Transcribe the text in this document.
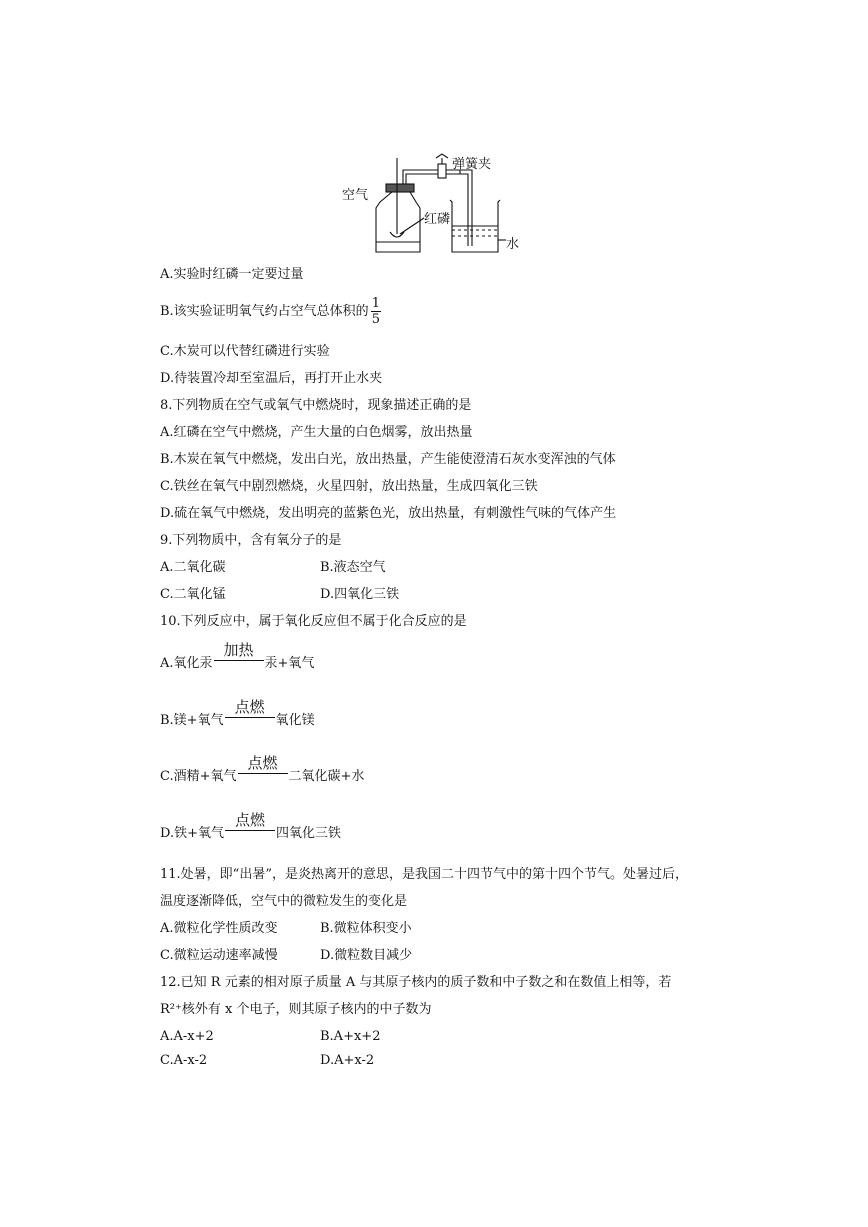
空气
弹簧夹
红磷
水
A.实验时红磷一定要过量
B.该实验证明氧气约占空气总体积的 $\frac{1}{5}$
C.木炭可以代替红磷进行实验
D.待装置冷却至室温后，再打开止水夹
8.下列物质在空气或氧气中燃烧时，现象描述正确的是
A.红磷在空气中燃烧，产生大量的白色烟雾，放出热量
B.木炭在氧气中燃烧，发出白光，放出热量，产生能使澄清石灰水变浑浊的气体
C.铁丝在氧气中剧烈燃烧，火星四射，放出热量，生成四氧化三铁
D.硫在氧气中燃烧，发出明亮的蓝紫色光，放出热量，有刺激性气味的气体产生
9.下列物质中，含有氧分子的是
A.二氧化碳	B.液态空气
C.二氧化锰	D.四氧化三铁
10.下列反应中，属于氧化反应但不属于化合反应的是
A.氧化汞
加热
汞+氧气
B.镁+氧气
点燃
氧化镁
C.酒精+氧气
点燃
二氧化碳+水
D.铁+氧气
点燃
四氧化三铁
11.处暑，即“出暑”，是炎热离开的意思，是我国二十四节气中的第十四个节气。处暑过后，
温度逐渐降低，空气中的微粒发生的变化是
A.微粒化学性质改变	B.微粒体积变小
C.微粒运动速率减慢	D.微粒数目减少
12.已知 R 元素的相对原子质量 A 与其原子核内的质子数和中子数之和在数值上相等，若
R²⁺核外有 x 个电子，则其原子核内的中子数为
A.A-x+2	B.A+x+2
C.A-x-2	D.A+x-2
